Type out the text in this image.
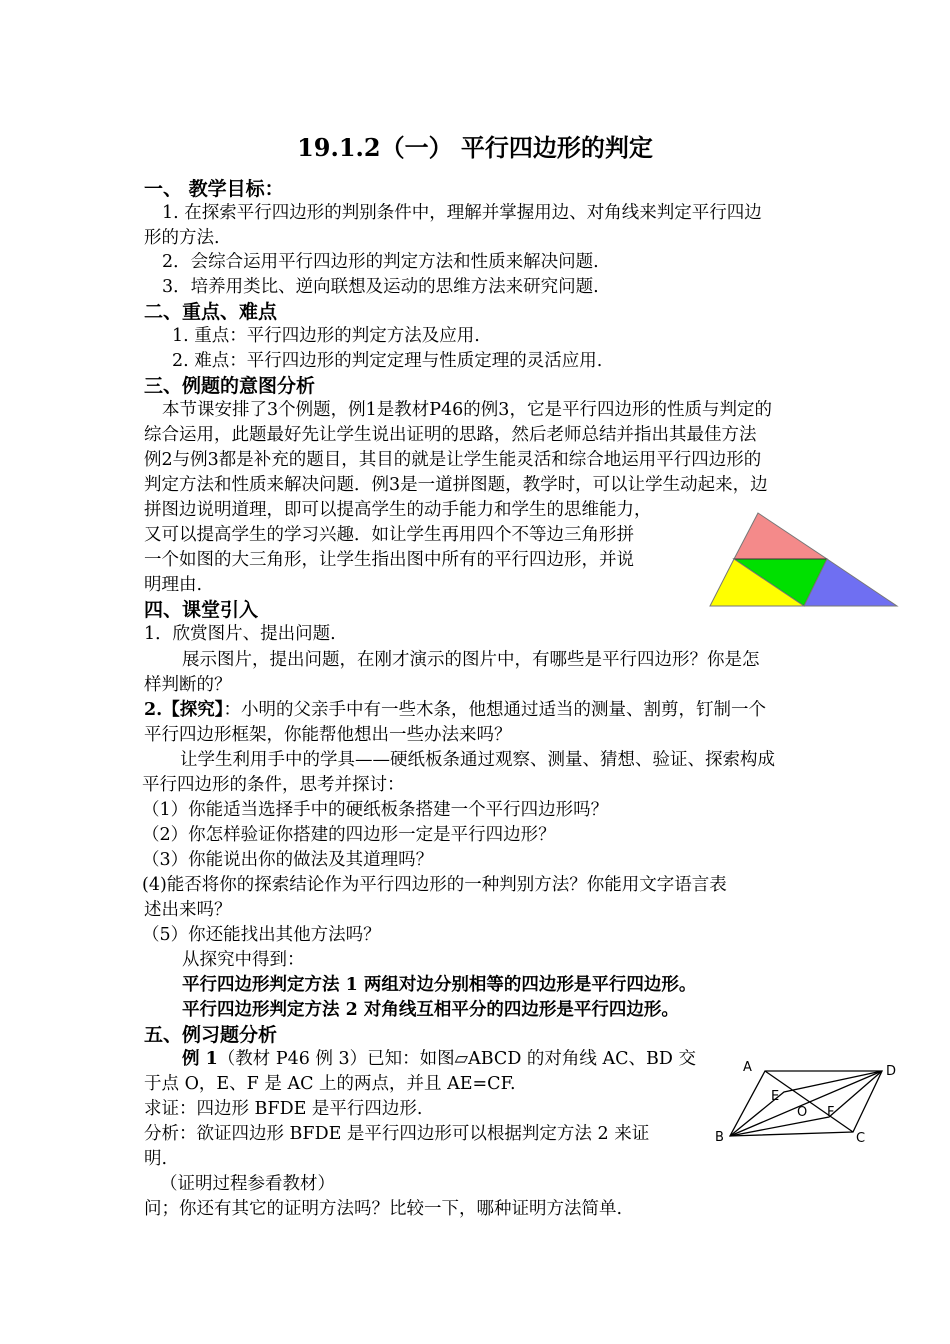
19.1.2（一） 平行四边形的判定
一、 教学目标：
1. 在探索平行四边形的判别条件中，理解并掌握用边、对角线来判定平行四边
形的方法.
2．会综合运用平行四边形的判定方法和性质来解决问题.
3．培养用类比、逆向联想及运动的思维方法来研究问题.
二、重点、难点
1. 重点：平行四边形的判定方法及应用.
2. 难点：平行四边形的判定定理与性质定理的灵活应用.
三、例题的意图分析
本节课安排了3个例题，例1是教材P46的例3，它是平行四边形的性质与判定的
综合运用，此题最好先让学生说出证明的思路，然后老师总结并指出其最佳方法
例2与例3都是补充的题目，其目的就是让学生能灵活和综合地运用平行四边形的
判定方法和性质来解决问题．例3是一道拼图题，教学时，可以让学生动起来，边
拼图边说明道理，即可以提高学生的动手能力和学生的思维能力，
又可以提高学生的学习兴趣．如让学生再用四个不等边三角形拼
一个如图的大三角形，让学生指出图中所有的平行四边形，并说
明理由.
四、课堂引入
1．欣赏图片、提出问题.
展示图片，提出问题，在刚才演示的图片中，有哪些是平行四边形？你是怎
样判断的？
2.【探究】：小明的父亲手中有一些木条，他想通过适当的测量、割剪，钉制一个
平行四边形框架，你能帮他想出一些办法来吗？
让学生利用手中的学具——硬纸板条通过观察、测量、猜想、验证、探索构成
平行四边形的条件，思考并探讨：
（1）你能适当选择手中的硬纸板条搭建一个平行四边形吗？
（2）你怎样验证你搭建的四边形一定是平行四边形？
（3）你能说出你的做法及其道理吗？
(4)能否将你的探索结论作为平行四边形的一种判别方法？你能用文字语言表
述出来吗？
（5）你还能找出其他方法吗？
从探究中得到：
平行四边形判定方法 1 两组对边分别相等的四边形是平行四边形。
平行四边形判定方法 2 对角线互相平分的四边形是平行四边形。
五、例习题分析
例 1（教材 P46 例 3）已知：如图▱ABCD 的对角线 AC、BD 交
于点 O，E、F 是 AC 上的两点，并且 AE=CF.
求证：四边形 BFDE 是平行四边形.
分析：欲证四边形 BFDE 是平行四边形可以根据判定方法 2 来证
明.
（证明过程参看教材）
问；你还有其它的证明方法吗？比较一下，哪种证明方法简单.
A	D
B	C
E
O F
